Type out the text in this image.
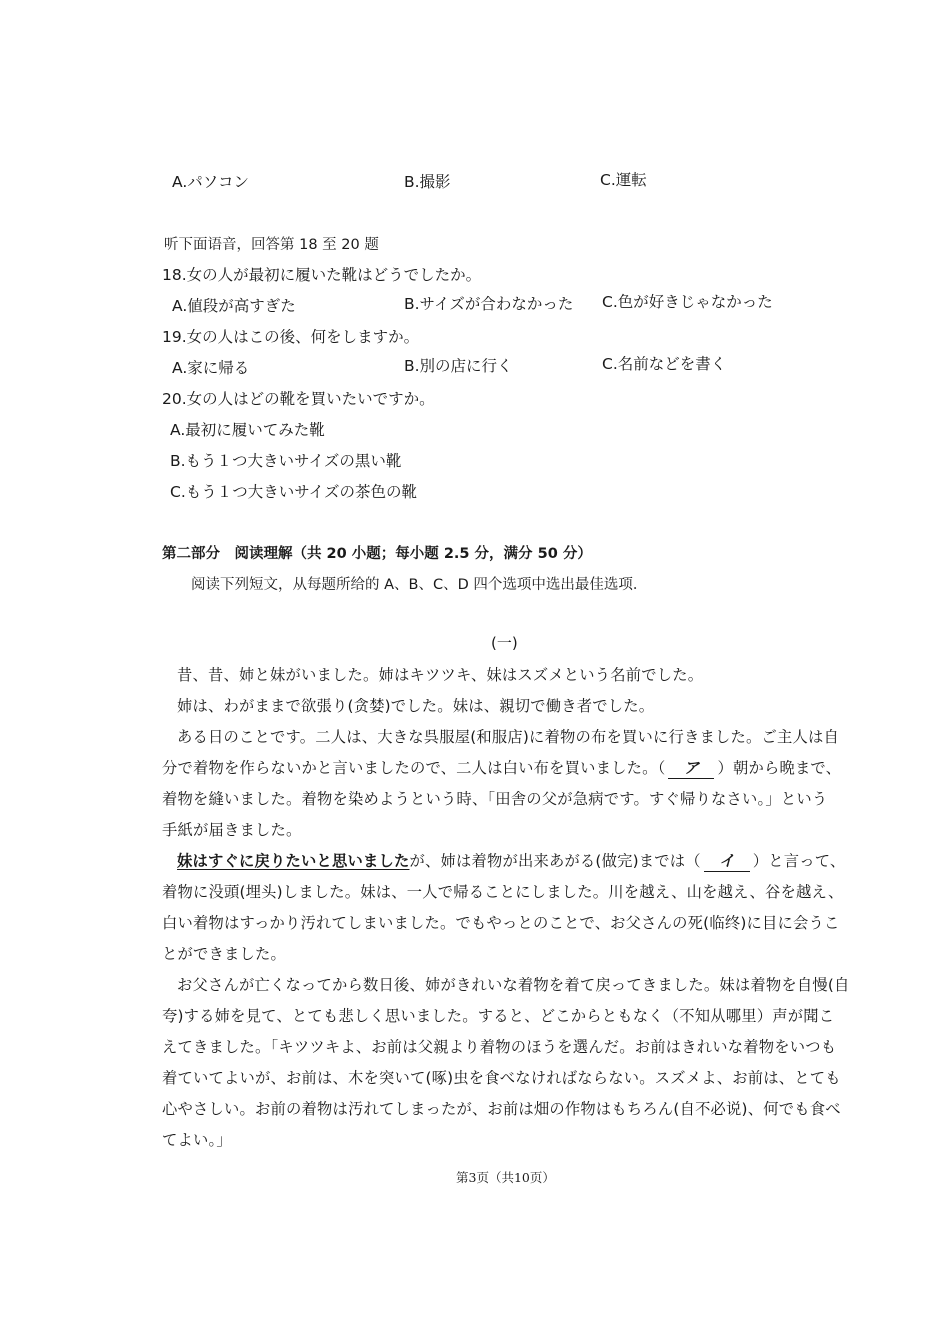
A.パソコン	B.撮影	C.運転
听下面语音，回答第 18 至 20 题
18.女の人が最初に履いた靴はどうでしたか。
A.値段が高すぎた	B.サイズが合わなかった C.色が好きじゃなかった
19.女の人はこの後、何をしますか。
A.家に帰る	B.別の店に行く	C.名前などを書く
20.女の人はどの靴を買いたいですか。
A.最初に履いてみた靴
B.もう１つ大きいサイズの黒い靴
C.もう１つ大きいサイズの茶色の靴
第二部分　阅读理解（共 20 小题；每小题 2.5 分，满分 50 分）
阅读下列短文，从每题所给的 A、B、C、D 四个选项中选出最佳选项．
(一)
昔、昔、姉と妹がいました。姉はキツツキ、妹はスズメという名前でした。
姉は、わがままで欲張り(贪婪)でした。妹は、親切で働き者でした。
ある日のことです。二人は、大きな呉服屋(和服店)に着物の布を買いに行きました。ご主人は自
分で着物を作らないかと言いましたので、二人は白い布を買いました。（ ア ）朝から晩まで、
着物を縫いました。着物を染めようという時、「田舎の父が急病です。すぐ帰りなさい。」という
手紙が届きました。
妹はすぐに戻りたいと思いましたが、姉は着物が出来あがる(做完)までは（ イ ）と言って、
着物に没頭(埋头)しました。妹は、一人で帰ることにしました。川を越え、山を越え、谷を越え、
白い着物はすっかり汚れてしまいました。でもやっとのことで、お父さんの死(临终)に目に会うこ
とができました。
お父さんが亡くなってから数日後、姉がきれいな着物を着て戻ってきました。妹は着物を自慢(自
夸)する姉を見て、とても悲しく思いました。すると、どこからともなく（不知从哪里）声が聞こ
えてきました。「キツツキよ、お前は父親より着物のほうを選んだ。お前はきれいな着物をいつも
着ていてよいが、お前は、木を突いて(啄)虫を食べなければならない。スズメよ、お前は、とても
心やさしい。お前の着物は汚れてしまったが、お前は畑の作物はもちろん(自不必说)、何でも食べ
てよい。」
第3页（共10页）
